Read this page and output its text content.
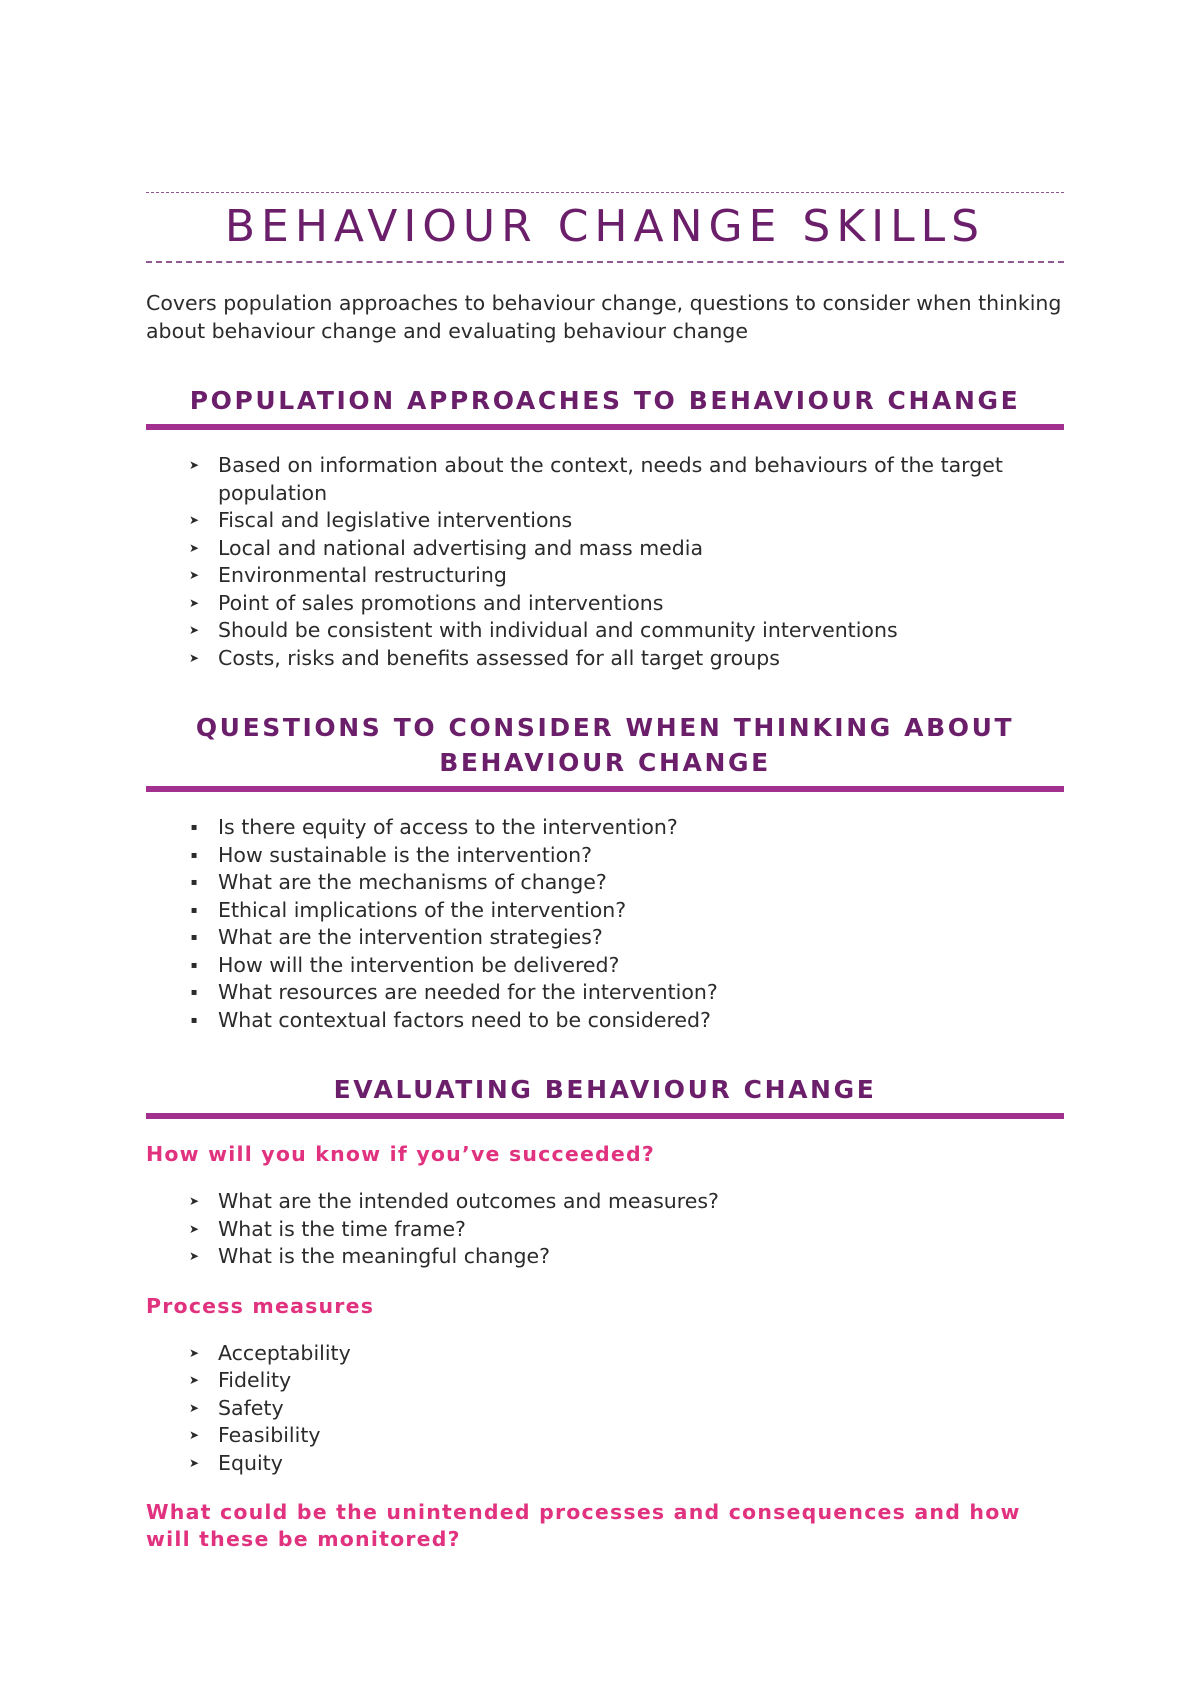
BEHAVIOUR CHANGE SKILLS

Covers population approaches to behaviour change, questions to consider when thinking about behaviour change and evaluating behaviour change

POPULATION APPROACHES TO BEHAVIOUR CHANGE
➤ Based on information about the context, needs and behaviours of the target population
➤ Fiscal and legislative interventions
➤ Local and national advertising and mass media
➤ Environmental restructuring
➤ Point of sales promotions and interventions
➤ Should be consistent with individual and community interventions
➤ Costs, risks and benefits assessed for all target groups
QUESTIONS TO CONSIDER WHEN THINKING ABOUT
BEHAVIOUR CHANGE
▪	Is there equity of access to the intervention?
▪	How sustainable is the intervention?
▪	What are the mechanisms of change?
▪	Ethical implications of the intervention?
▪	What are the intervention strategies?
▪	How will the intervention be delivered?
▪	What resources are needed for the intervention?
▪	What contextual factors need to be considered?
EVALUATING BEHAVIOUR CHANGE

How will you know if you’ve succeeded?

➤ What are the intended outcomes and measures?
➤ What is the time frame?
➤ What is the meaningful change?

Process measures

➤ Acceptability
➤ Fidelity
➤ Safety
➤ Feasibility
➤ Equity

What could be the unintended processes and consequences and how will these be monitored?
